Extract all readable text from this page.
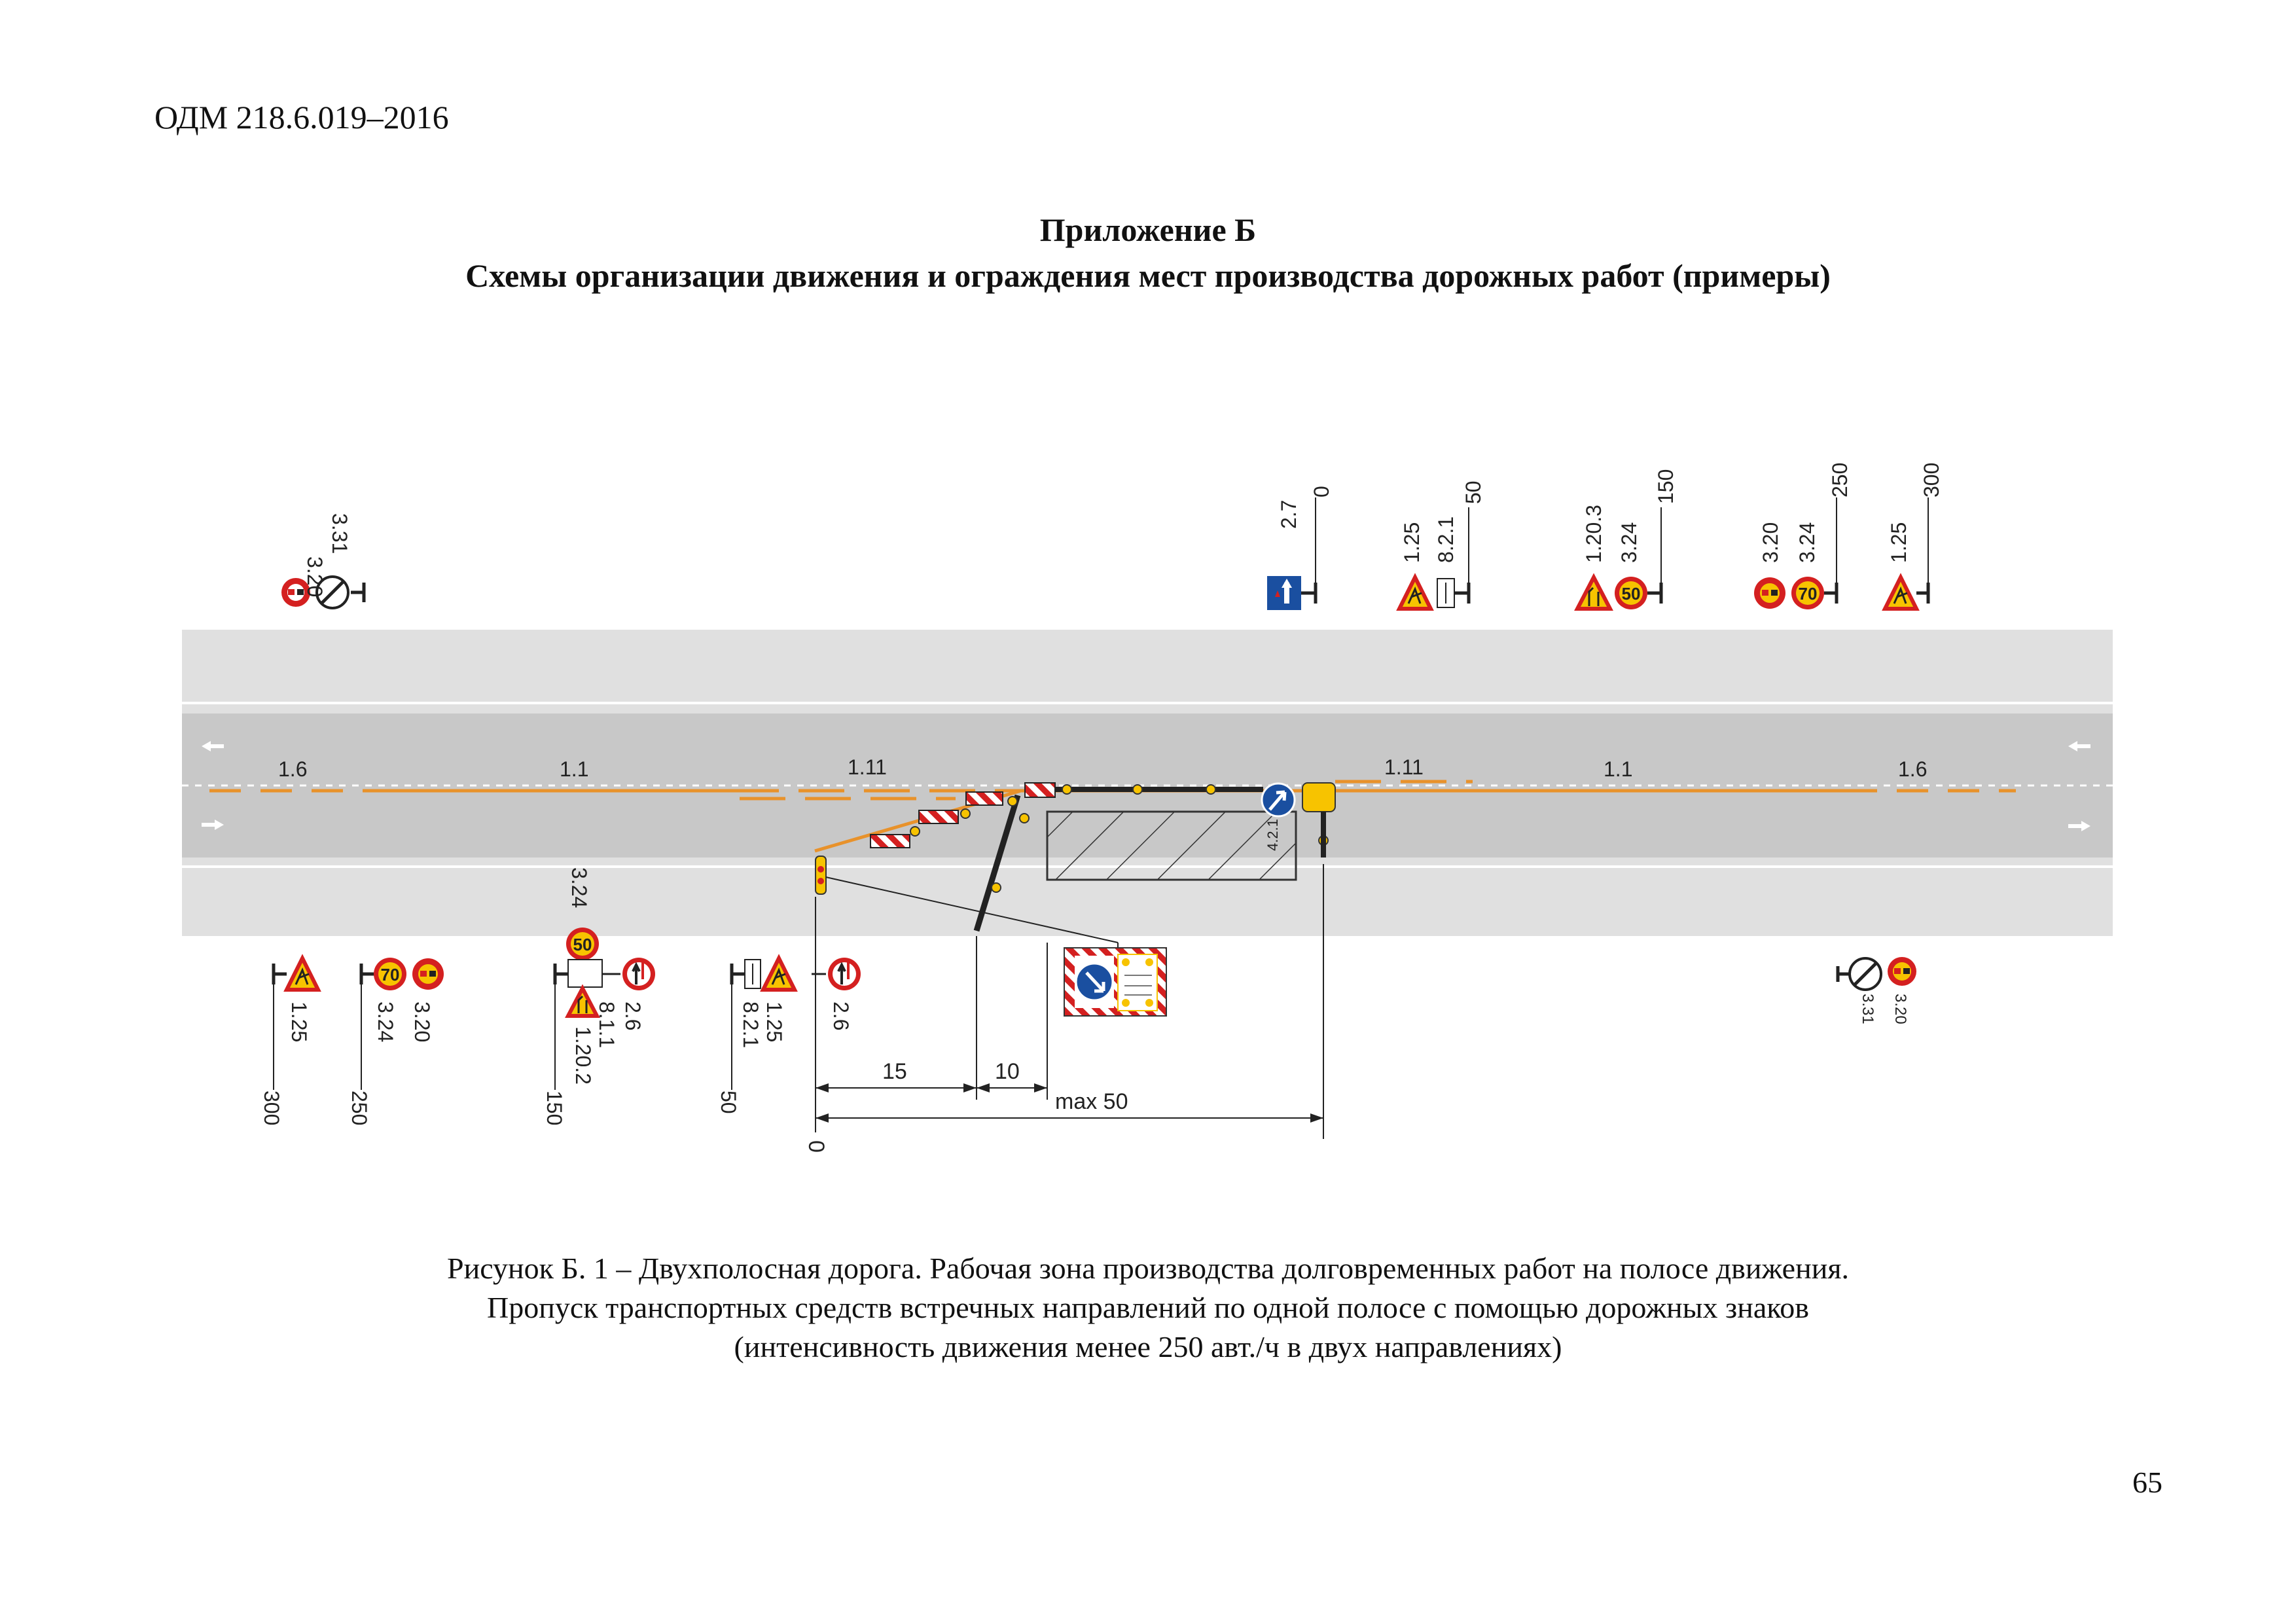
ОДМ 218.6.019–2016
Приложение Б
Схемы организации движения и ограждения мест производства дорожных работ (примеры)
1.6	1.1	1.11	1.11	1.1	1.6
4.2.1
3.20
3.31	2.7
0
1.25 8.2.1
50
50
1.20.3 3.24
150
70
3.20 3.24
250
1.25
300
1.25
300
70
3.24 3.20
250
3.24
50
2.6
8.1.1
1.20.2
150
1.25
8.2.1
50
2.6	3.31 3.20
15	10
max 50
0
Рисунок Б. 1 – Двухполосная дорога. Рабочая зона производства долговременных работ на полосе движения.
Пропуск транспортных средств встречных направлений по одной полосе с помощью дорожных знаков
(интенсивность движения менее 250 авт./ч в двух направлениях)
65
